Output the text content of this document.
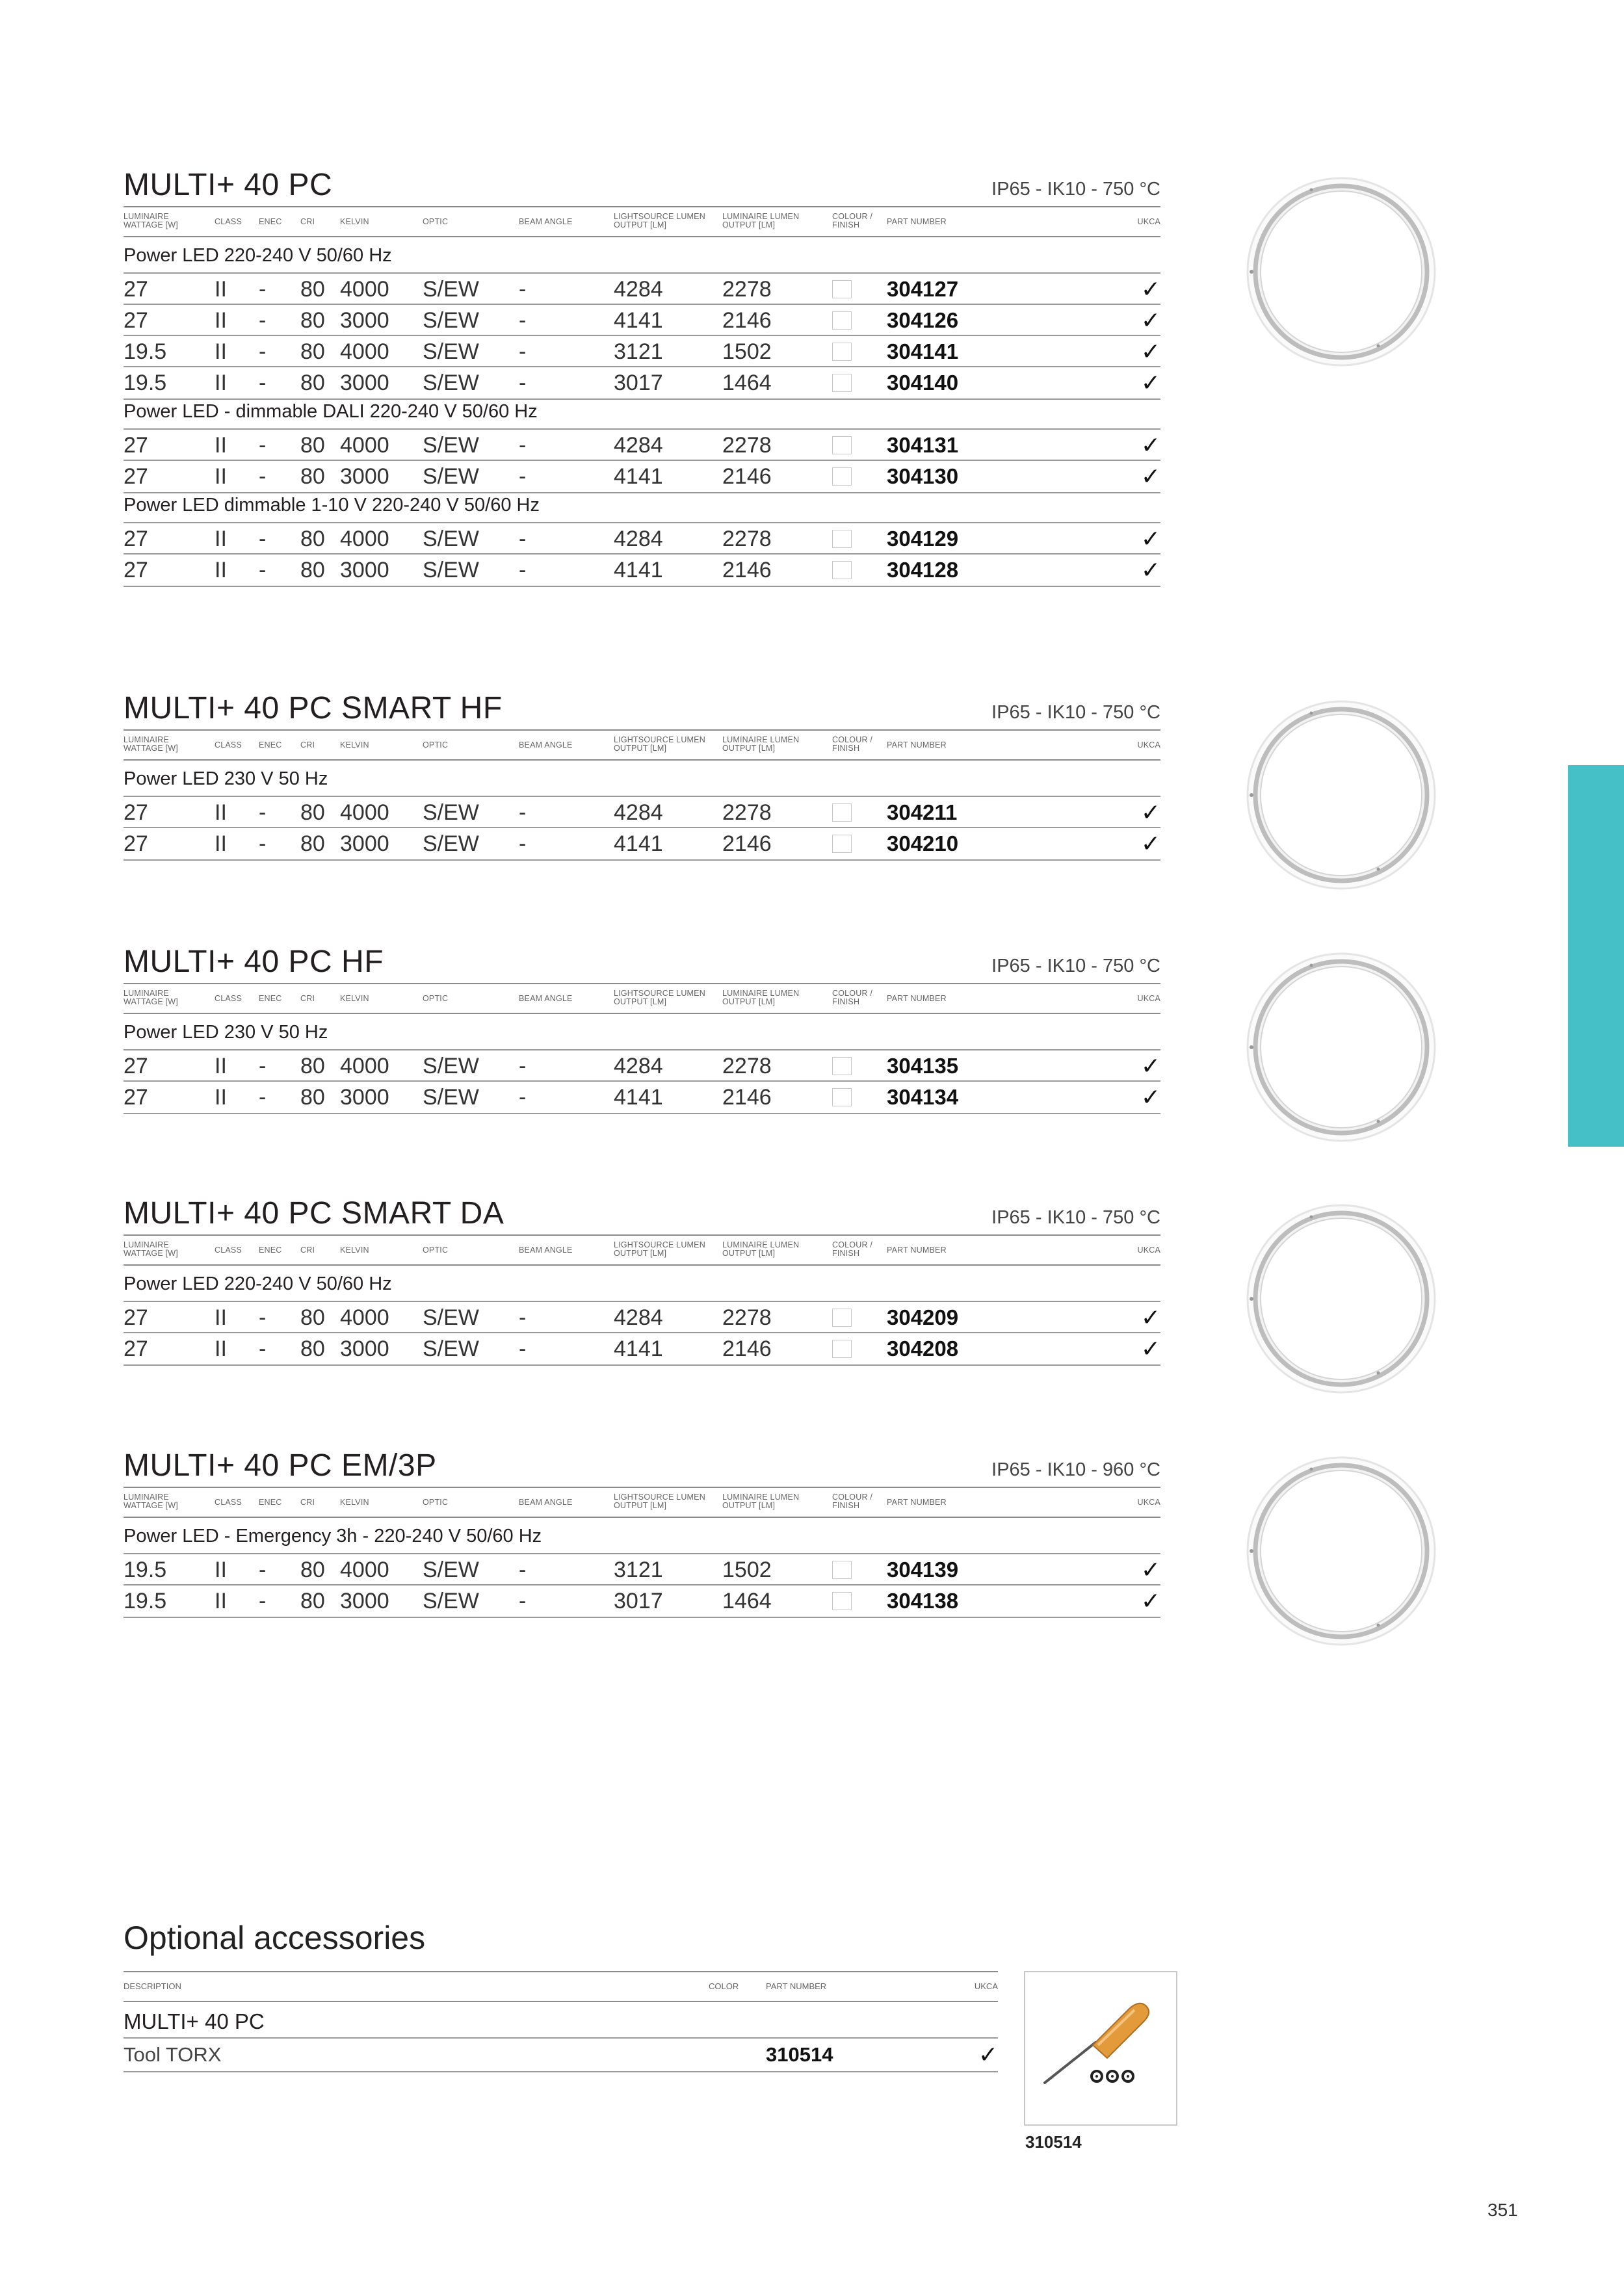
MULTI+ 40 PC	IP65 - IK10 - 750 °C
LUMINAIRE
WATTAGE [W]	CLASS ENEC CRI	KELVIN	OPTIC	BEAM ANGLE
LIGHTSOURCE LUMEN
OUTPUT [LM]
LUMINAIRE LUMEN
OUTPUT [LM]
COLOUR /
FINISH	PART NUMBER	UKCA
Power LED 220-240 V 50/60 Hz
27	II - 80 4000 S/EW -	4284	2278	304127	✓
27	II - 80 3000 S/EW -	4141	2146	304126	✓
19.5 II - 80 4000 S/EW -	3121	1502	304141	✓
19.5 II - 80 3000 S/EW -	3017	1464	304140	✓
Power LED - dimmable DALI 220-240 V 50/60 Hz
27	II - 80 4000 S/EW -	4284	2278	304131	✓
27	II - 80 3000 S/EW -	4141	2146	304130	✓
Power LED dimmable 1-10 V 220-240 V 50/60 Hz
27	II - 80 4000 S/EW -	4284	2278	304129	✓
27	II - 80 3000 S/EW -	4141	2146	304128	✓
MULTI+ 40 PC SMART HF	IP65 - IK10 - 750 °C
LUMINAIRE
WATTAGE [W]	CLASS ENEC CRI	KELVIN	OPTIC	BEAM ANGLE
LIGHTSOURCE LUMEN
OUTPUT [LM]
LUMINAIRE LUMEN
OUTPUT [LM]
COLOUR /
FINISH	PART NUMBER	UKCA
Power LED 230 V 50 Hz
27	II - 80 4000 S/EW -	4284	2278	304211	✓
27	II - 80 3000 S/EW -	4141	2146	304210	✓
MULTI+ 40 PC HF	IP65 - IK10 - 750 °C
LUMINAIRE
WATTAGE [W]	CLASS ENEC CRI	KELVIN	OPTIC	BEAM ANGLE
LIGHTSOURCE LUMEN
OUTPUT [LM]
LUMINAIRE LUMEN
OUTPUT [LM]
COLOUR /
FINISH	PART NUMBER	UKCA
Power LED 230 V 50 Hz
27	II - 80 4000 S/EW -	4284	2278	304135	✓
27	II - 80 3000 S/EW -	4141	2146	304134	✓
MULTI+ 40 PC SMART DA	IP65 - IK10 - 750 °C
LUMINAIRE
WATTAGE [W]	CLASS ENEC CRI	KELVIN	OPTIC	BEAM ANGLE
LIGHTSOURCE LUMEN
OUTPUT [LM]
LUMINAIRE LUMEN
OUTPUT [LM]
COLOUR /
FINISH	PART NUMBER	UKCA
Power LED 220-240 V 50/60 Hz
27	II - 80 4000 S/EW -	4284	2278	304209	✓
27	II - 80 3000 S/EW -	4141	2146	304208	✓
MULTI+ 40 PC EM/3P	IP65 - IK10 - 960 °C
LUMINAIRE
WATTAGE [W]	CLASS ENEC CRI	KELVIN	OPTIC	BEAM ANGLE
LIGHTSOURCE LUMEN
OUTPUT [LM]
LUMINAIRE LUMEN
OUTPUT [LM]
COLOUR /
FINISH	PART NUMBER	UKCA
Power LED - Emergency 3h - 220-240 V 50/60 Hz
19.5 II - 80 4000 S/EW -	3121	1502	304139	✓
19.5 II - 80 3000 S/EW -	3017	1464	304138	✓
Optional accessories
DESCRIPTION	COLOR	PART NUMBER	UKCA
MULTI+ 40 PC
Tool TORX	310514	✓
310514
351
